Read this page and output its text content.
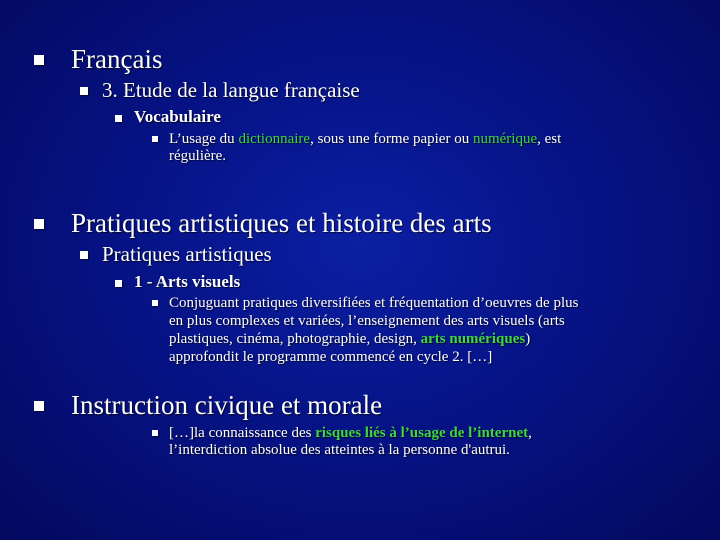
Français
3. Etude de la langue française
Vocabulaire
L’usage du dictionnaire, sous une forme papier ou numérique, est
régulière.
Pratiques artistiques et histoire des arts
Pratiques artistiques
1 - Arts visuels
Conjuguant pratiques diversifiées et fréquentation d’oeuvres de plus
en plus complexes et variées, l’enseignement des arts visuels (arts
plastiques, cinéma, photographie, design, arts numériques)
approfondit le programme commencé en cycle 2. […]
Instruction civique et morale
[…]la connaissance des risques liés à l’usage de l’internet,
l’interdiction absolue des atteintes à la personne d'autrui.
